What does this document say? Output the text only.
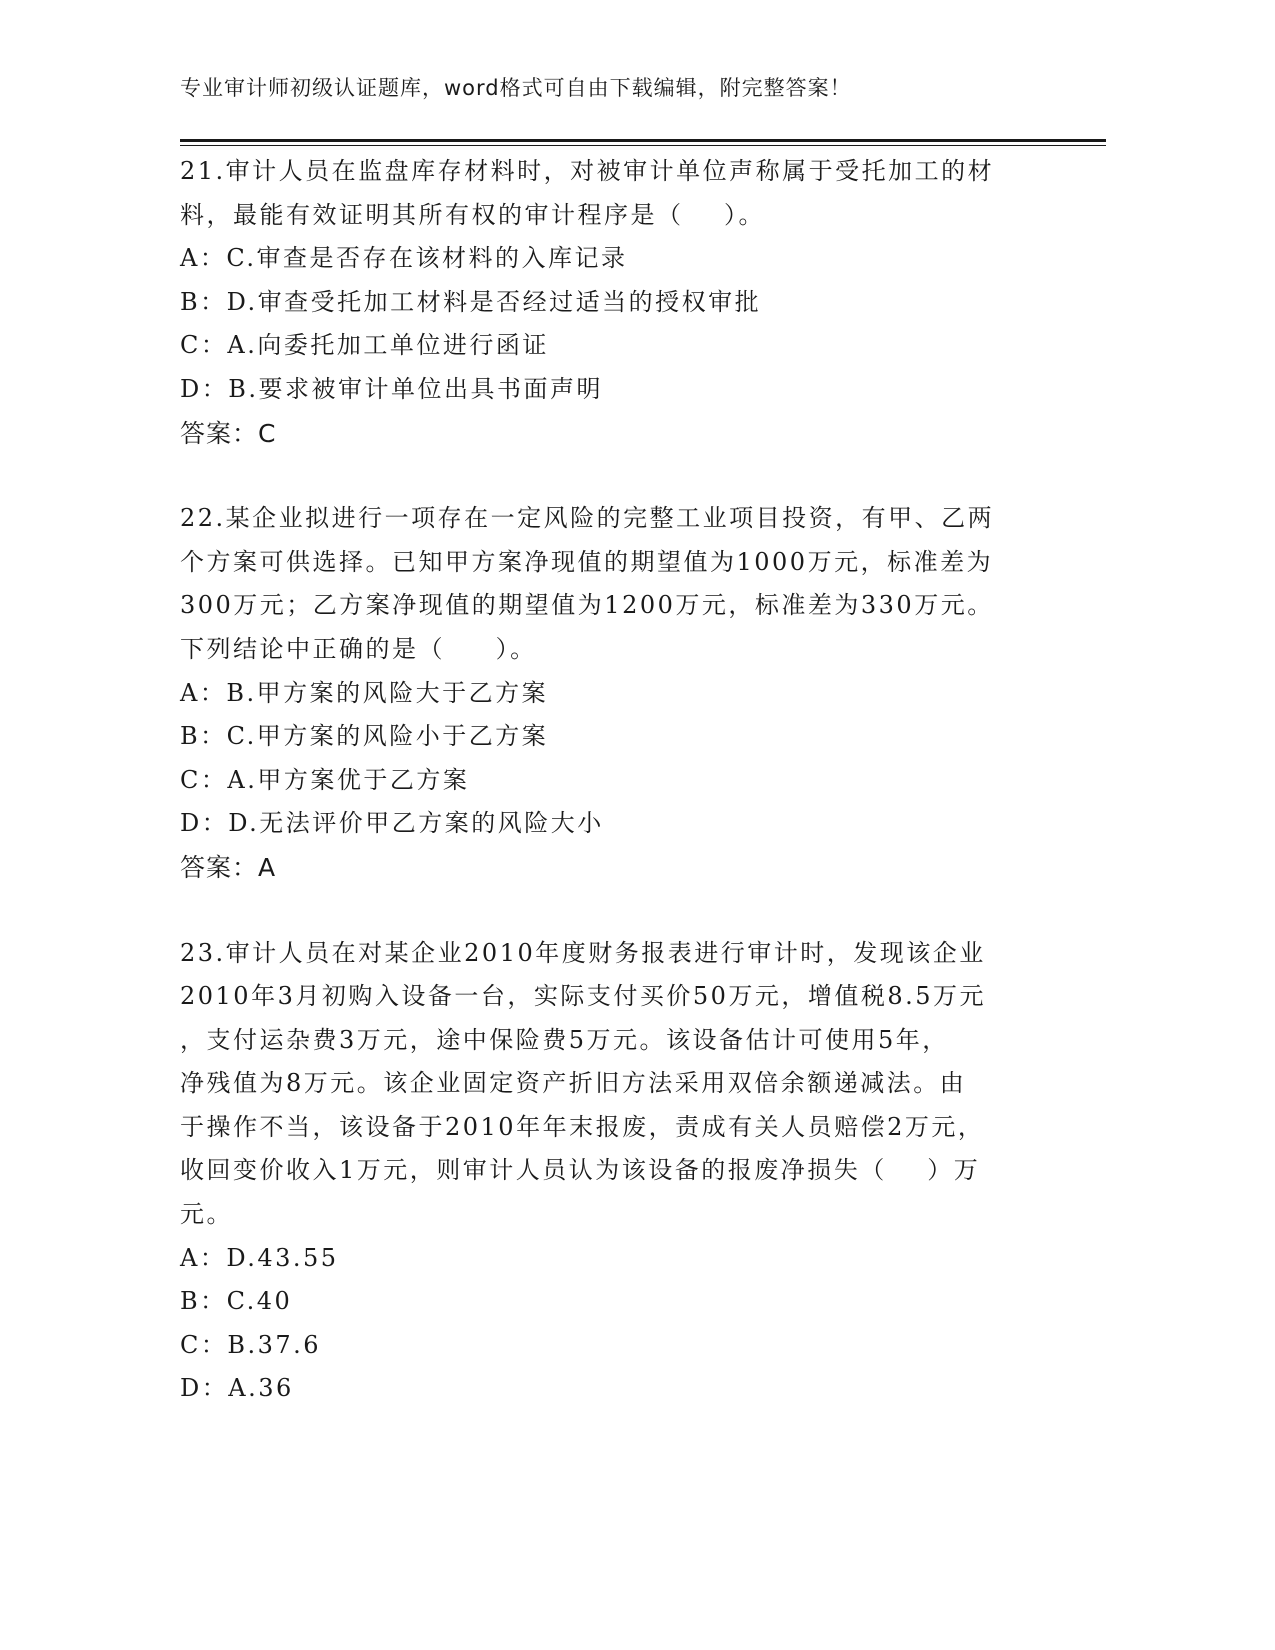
专业审计师初级认证题库，word格式可自由下载编辑，附完整答案！

21.审计人员在监盘库存材料时，对被审计单位声称属于受托加工的材

料，最能有效证明其所有权的审计程序是（    ）。

A：C.审查是否存在该材料的入库记录

B：D.审查受托加工材料是否经过适当的授权审批

C：A.向委托加工单位进行函证

D：B.要求被审计单位出具书面声明

答案：C

22.某企业拟进行一项存在一定风险的完整工业项目投资，有甲、乙两

个方案可供选择。已知甲方案净现值的期望值为1000万元，标准差为

300万元；乙方案净现值的期望值为1200万元，标准差为330万元。

下列结论中正确的是（     ）。

A：B.甲方案的风险大于乙方案

B：C.甲方案的风险小于乙方案

C：A.甲方案优于乙方案

D：D.无法评价甲乙方案的风险大小

答案：A

23.审计人员在对某企业2010年度财务报表进行审计时，发现该企业

2010年3月初购入设备一台，实际支付买价50万元，增值税8.5万元

，支付运杂费3万元，途中保险费5万元。该设备估计可使用5年，

净残值为8万元。该企业固定资产折旧方法采用双倍余额递减法。由

于操作不当，该设备于2010年年末报废，责成有关人员赔偿2万元，

收回变价收入1万元，则审计人员认为该设备的报废净损失（    ）万

元。

A：D.43.55

B：C.40

C：B.37.6

D：A.36
